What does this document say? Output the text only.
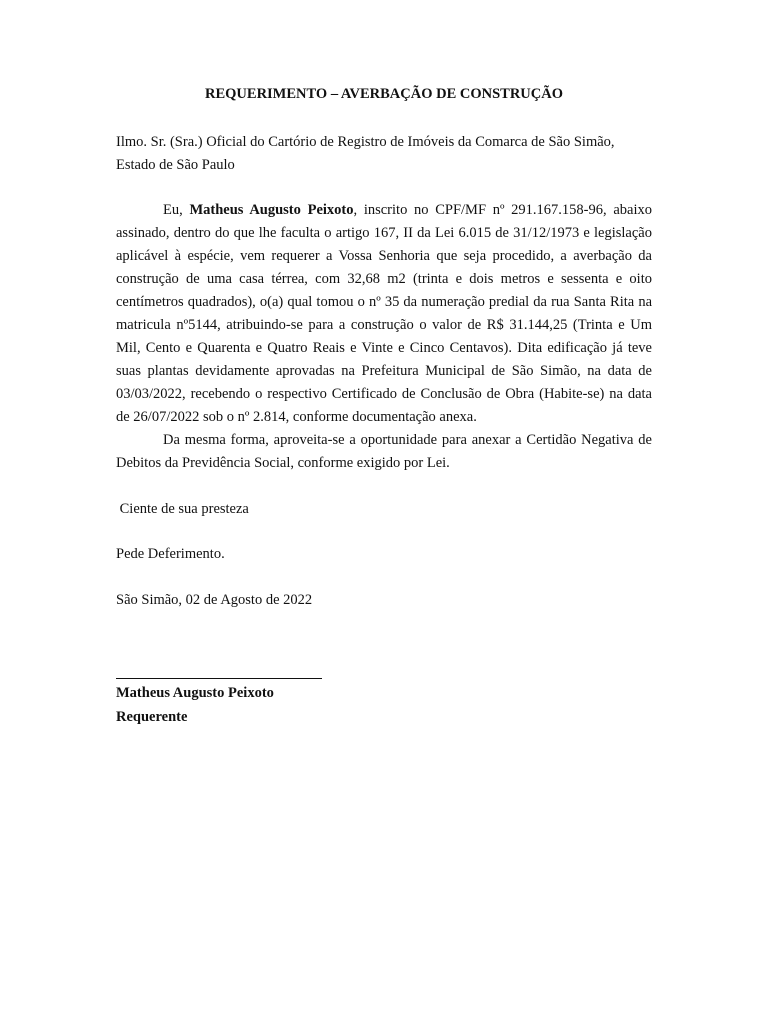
REQUERIMENTO – AVERBAÇÃO DE CONSTRUÇÃO
Ilmo. Sr. (Sra.) Oficial do Cartório de Registro de Imóveis da Comarca de São Simão, Estado de São Paulo

Eu, Matheus Augusto Peixoto, inscrito no CPF/MF nº 291.167.158-96, abaixo assinado, dentro do que lhe faculta o artigo 167, II da Lei 6.015 de 31/12/1973 e legislação aplicável à espécie, vem requerer a Vossa Senhoria que seja procedido, a averbação da construção de uma casa térrea, com 32,68 m2 (trinta e dois metros e sessenta e oito centímetros quadrados), o(a) qual tomou o nº 35 da numeração predial da rua Santa Rita na matricula nº5144, atribuindo-se para a construção o valor de R$ 31.144,25 (Trinta e Um Mil, Cento e Quarenta e Quatro Reais e Vinte e Cinco Centavos). Dita edificação já teve suas plantas devidamente aprovadas na Prefeitura Municipal de São Simão, na data de 03/03/2022, recebendo o respectivo Certificado de Conclusão de Obra (Habite-se) na data de 26/07/2022 sob o nº 2.814, conforme documentação anexa.

Da mesma forma, aproveita-se a oportunidade para anexar a Certidão Negativa de Debitos da Previdência Social, conforme exigido por Lei.

Ciente de sua presteza
Pede Deferimento.
São Simão, 02 de Agosto de 2022
Matheus Augusto Peixoto
Requerente
